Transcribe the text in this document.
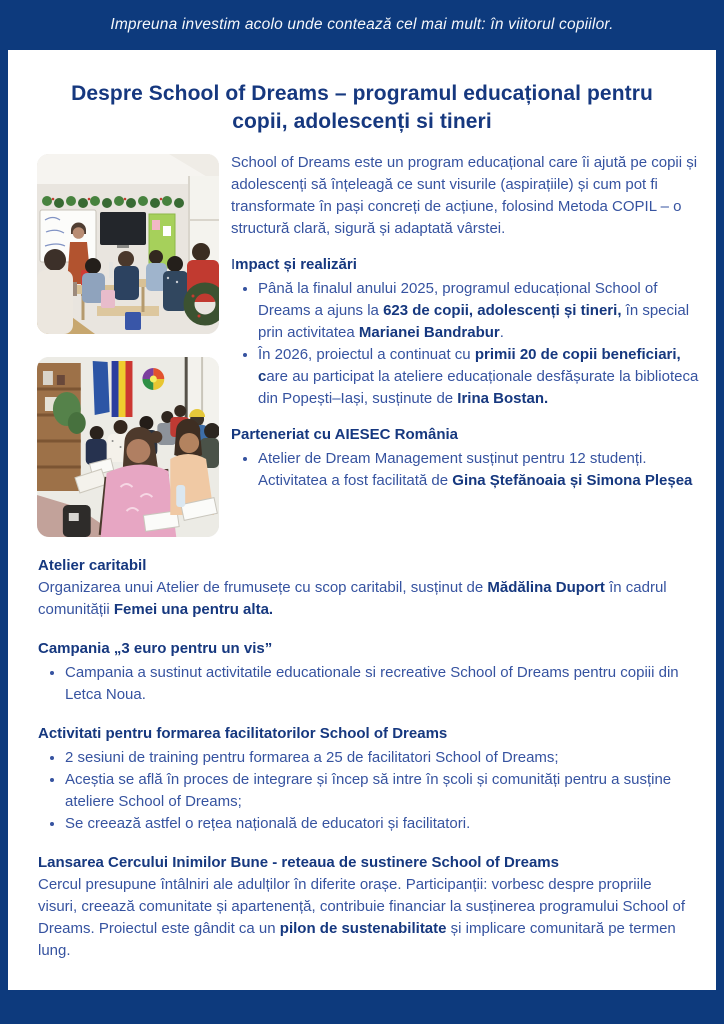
Impreuna investim acolo unde contează cel mai mult: în viitorul copiilor.

Despre School of Dreams – programul educațional pentru copii, adolescenți si tineri

School of Dreams este un program educațional care îi ajută pe copii și adolescenți să înțeleagă ce sunt visurile (aspirațiile) și cum pot fi transformate în pași concreți de acțiune, folosind Metoda COPIL – o structură clară, sigură și adaptată vârstei.

Impact și realizări
• Până la finalul anului 2025, programul educațional School of Dreams a ajuns la 623 de copii, adolescenți și tineri, în special prin activitatea Marianei Bandrabur.
• În 2026, proiectul a continuat cu primii 20 de copii beneficiari, care au participat la ateliere educaționale desfășurate la biblioteca din Popești–Iași, susținute de Irina Bostan.
Parteneriat cu AIESEC România
• Atelier de Dream Management susținut pentru 12 studenți. Activitatea a fost facilitată de Gina Ștefănoaia și Simona Pleșea
Atelier caritabil

Organizarea unui Atelier de frumusețe cu scop caritabil, susținut de Mădălina Duport în cadrul comunității Femei una pentru alta.

Campania „3 euro pentru un vis”
• Campania a sustinut activitatile educationale si recreative School of Dreams pentru copiii din Letca Noua.
Activitati pentru formarea facilitatorilor School of Dreams
• 2 sesiuni de training pentru formarea a 25 de facilitatori School of Dreams;
• Aceștia se află în proces de integrare și încep să intre în școli și comunități pentru a susține ateliere School of Dreams;
• Se creează astfel o rețea națională de educatori și facilitatori.
Lansarea Cercului Inimilor Bune - reteaua de sustinere School of Dreams

Cercul presupune întâlniri ale adulților în diferite orașe. Participanții: vorbesc despre propriile visuri, creează comunitate și apartenență, contribuie financiar la susținerea programului School of Dreams. Proiectul este gândit ca un pilon de sustenabilitate și implicare comunitară pe termen lung.
